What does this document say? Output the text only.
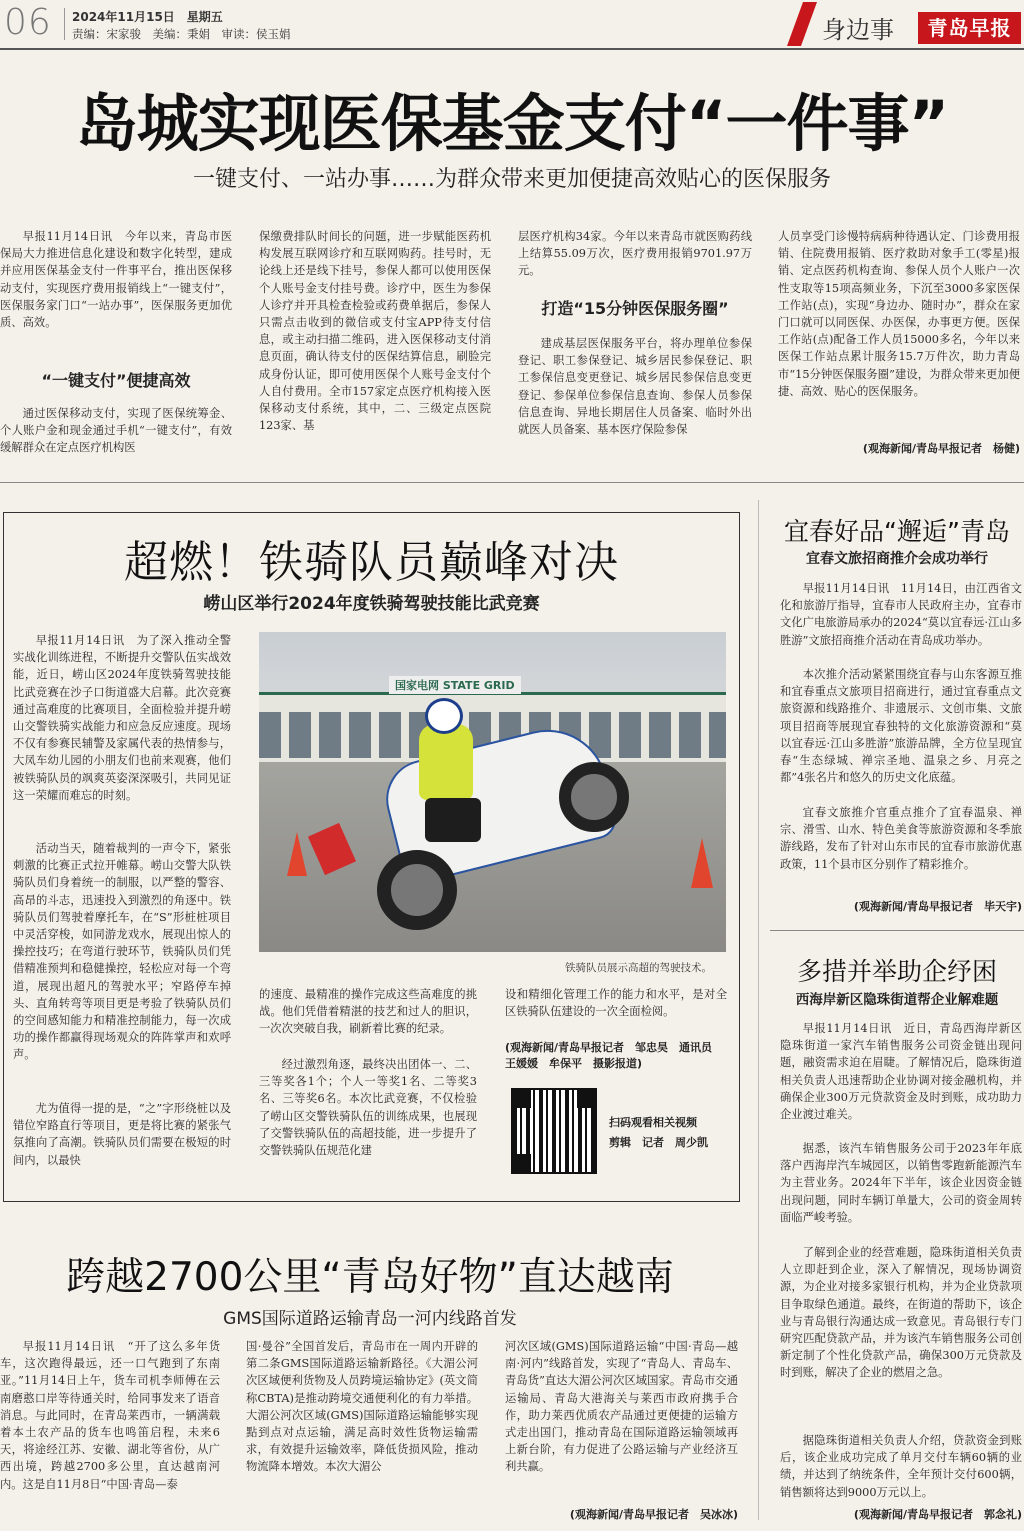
06 2024年11月15日　星期五
责编：宋家骏　美编：秉娟　审读：侯玉娟	身边事	青岛早报
岛城实现医保基金支付“一件事”
一键支付、一站办事……为群众带来更加便捷高效贴心的医保服务

早报11月14日讯　今年以来，青岛市医保局大力推进信息化建设和数字化转型，建成并应用医保基金支付一件事平台，推出医保移动支付，实现医疗费用报销线上“一键支付”，医保服务家门口“一站办事”，医保服务更加优质、高效。

“一键支付”便捷高效

通过医保移动支付，实现了医保统筹金、个人账户金和现金通过手机“一键支付”，有效缓解群众在定点医疗机构医

保缴费排队时间长的问题，进一步赋能医药机构发展互联网诊疗和互联网购药。挂号时，无论线上还是线下挂号，参保人都可以使用医保个人账号金支付挂号费。诊疗中，医生为参保人诊疗并开具检查检验或药费单据后，参保人只需点击收到的微信或支付宝APP待支付信息，或主动扫描二维码，进入医保移动支付消息页面，确认待支付的医保结算信息，刷脸完成身份认证，即可使用医保个人账号金支付个人自付费用。全市157家定点医疗机构接入医保移动支付系统，其中，二、三级定点医院123家、基

层医疗机构34家。今年以来青岛市就医购药线上结算55.09万次，医疗费用报销9701.97万元。

打造“15分钟医保服务圈”

建成基层医保服务平台，将办理单位参保登记、职工参保登记、城乡居民参保登记、职工参保信息变更登记、城乡居民参保信息变更登记、参保单位参保信息查询、参保人员参保信息查询、异地长期居住人员备案、临时外出就医人员备案、基本医疗保险参保

人员享受门诊慢特病病种待遇认定、门诊费用报销、住院费用报销、医疗救助对象手工(零星)报销、定点医药机构查询、参保人员个人账户一次性支取等15项高频业务，下沉至3000多家医保工作站(点)，实现“身边办、随时办”，群众在家门口就可以同医保、办医保，办事更方便。医保工作站(点)配备工作人员15000多名，今年以来医保工作站点累计服务15.7万件次，助力青岛市“15分钟医保服务圈”建设，为群众带来更加便捷、高效、贴心的医保服务。

(观海新闻/青岛早报记者　杨健)
超燃！铁骑队员巅峰对决
崂山区举行2024年度铁骑驾驶技能比武竞赛

早报11月14日讯　为了深入推动全警实战化训练进程，不断提升交警队伍实战效能，近日，崂山区2024年度铁骑驾驶技能比武竞赛在沙子口街道盛大启幕。此次竞赛通过高难度的比赛项目，全面检验并提升崂山交警铁骑实战能力和应急反应速度。现场不仅有参赛民辅警及家属代表的热情参与，大凤车幼儿园的小朋友们也前来观赛，他们被铁骑队员的飒爽英姿深深吸引，共同见证这一荣耀而难忘的时刻。

活动当天，随着裁判的一声令下，紧张刺激的比赛正式拉开帷幕。崂山交警大队铁骑队员们身着统一的制服，以严整的警容、高昂的斗志，迅速投入到激烈的角逐中。铁骑队员们驾驶着摩托车，在“S”形桩桩项目中灵活穿梭，如同游龙戏水，展现出惊人的操控技巧；在弯道行驶环节，铁骑队员们凭借精准预判和稳健操控，轻松应对每一个弯道，展现出超凡的驾驶水平；窄路停车掉头、直角转弯等项目更是考验了铁骑队员们的空间感知能力和精准控制能力，每一次成功的操作都赢得现场观众的阵阵掌声和欢呼声。

尤为值得一提的是，“之”字形绕桩以及错位窄路直行等项目，更是将比赛的紧张气氛推向了高潮。铁骑队员们需要在极短的时间内，以最快

国家电网 STATE GRID
铁骑队员展示高超的驾驶技术。

的速度、最精准的操作完成这些高难度的挑战。他们凭借着精湛的技艺和过人的胆识，一次次突破自我，刷新着比赛的纪录。

经过激烈角逐，最终决出团体一、二、三等奖各1个；个人一等奖1名、二等奖3名、三等奖6名。本次比武竞赛，不仅检验了崂山区交警铁骑队伍的训练成果，也展现了交警铁骑队伍的高超技能，进一步提升了交警铁骑队伍规范化建

设和精细化管理工作的能力和水平，是对全区铁骑队伍建设的一次全面检阅。

(观海新闻/青岛早报记者　邹忠昊　通讯员　王媛媛　牟保平　摄影报道)
扫码观看相关视频
剪辑　记者　周少凯
宜春好品“邂逅”青岛
宜春文旅招商推介会成功举行

早报11月14日讯　11月14日，由江西省文化和旅游厅指导，宜春市人民政府主办，宜春市文化广电旅游局承办的2024“莫以宜春远·江山多胜游”文旅招商推介活动在青岛成功举办。

本次推介活动紧紧围绕宜春与山东客源互推和宜春重点文旅项目招商进行，通过宜春重点文旅资源和线路推介、非遗展示、文创市集、文旅项目招商等展现宜春独特的文化旅游资源和“莫以宜春远·江山多胜游”旅游品牌，全方位呈现宜春“生态绿城、禅宗圣地、温泉之乡、月亮之都”4张名片和悠久的历史文化底蕴。

宜春文旅推介官重点推介了宜春温泉、禅宗、滑雪、山水、特色美食等旅游资源和冬季旅游线路，发布了针对山东市民的宜春市旅游优惠政策，11个县市区分别作了精彩推介。

(观海新闻/青岛早报记者　毕天宇)
多措并举助企纾困
西海岸新区隐珠街道帮企业解难题

早报11月14日讯　近日，青岛西海岸新区隐珠街道一家汽车销售服务公司资金链出现问题，融资需求迫在眉睫。了解情况后，隐珠街道相关负责人迅速帮助企业协调对接金融机构，并确保企业300万元贷款资金及时到账，成功助力企业渡过难关。

据悉，该汽车销售服务公司于2023年年底落户西海岸汽车城园区，以销售零跑新能源汽车为主营业务。2024年下半年，该企业因资金链出现问题，同时车辆订单量大，公司的资金周转面临严峻考验。

了解到企业的经营难题，隐珠街道相关负责人立即赶到企业，深入了解情况，现场协调资源，为企业对接多家银行机构，并为企业贷款项目争取绿色通道。最终，在街道的帮助下，该企业与青岛银行沟通达成一致意见。青岛银行专门研究匹配贷款产品，并为该汽车销售服务公司创新定制了个性化贷款产品，确保300万元贷款及时到账，解决了企业的燃眉之急。

据隐珠街道相关负责人介绍，贷款资金到账后，该企业成功完成了单月交付车辆60辆的业绩，并达到了纳统条件，全年预计交付600辆，销售额将达到9000万元以上。

(观海新闻/青岛早报记者　郭念礼)
跨越2700公里“青岛好物”直达越南
GMS国际道路运输青岛一河内线路首发

早报11月14日讯　“开了这么多年货车，这次跑得最远，还一口气跑到了东南亚。”11月14日上午，货车司机李师傅在云南磨憨口岸等待通关时，给同事发来了语音消息。与此同时，在青岛莱西市，一辆满载着本土农产品的货车也鸣笛启程，未来6天，将途经江苏、安徽、湖北等省份，从广西出境，跨越2700多公里，直达越南河内。这是自11月8日“中国·青岛—泰

国·曼谷”全国首发后，青岛市在一周内开辟的第二条GMS国际道路运输新路径。《大湄公河次区域便利货物及人员跨境运输协定》(英文简称CBTA)是推动跨境交通便利化的有力举措。大湄公河次区域(GMS)国际道路运输能够实现點到点对点运输，满足高时效性货物运输需求，有效提升运输效率，降低货损风险，推动物流降本增效。本次大湄公

河次区域(GMS)国际道路运输“中国·青岛—越南·河内”线路首发，实现了“青岛人、青岛车、青岛货”直达大湄公河次区域国家。青岛市交通运输局、青岛大港海关与莱西市政府携手合作，助力莱西优质农产品通过更便捷的运输方式走出国门，推动青岛在国际道路运输领域再上新台阶，有力促进了公路运输与产业经济互利共赢。

(观海新闻/青岛早报记者　吴冰冰)
